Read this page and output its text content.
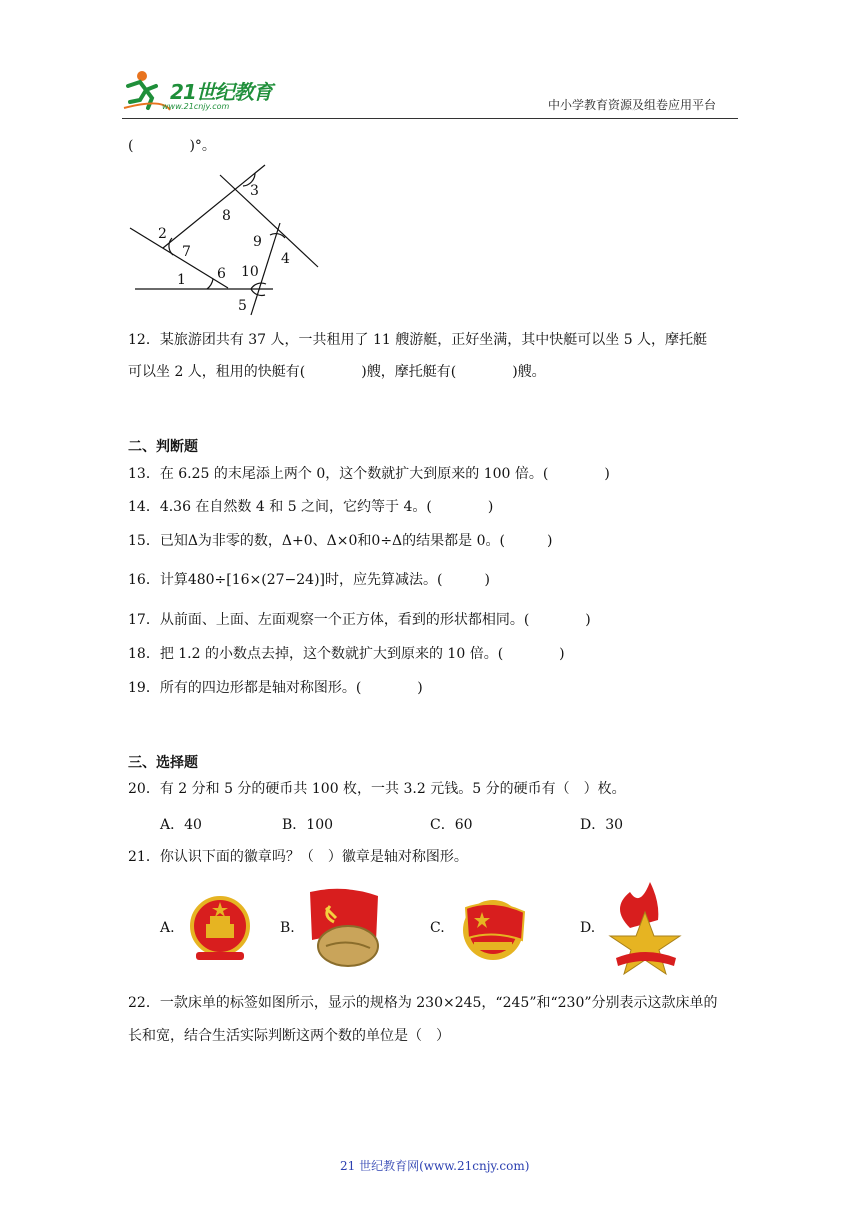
21世纪教育
www.21cnjy.com	中小学教育资源及组卷应用平台
(　　　　)°。
1
2
3
4
5
6
7
8
9
10
12．某旅游团共有 37 人，一共租用了 11 艘游艇，正好坐满，其中快艇可以坐 5 人，摩托艇
可以坐 2 人，租用的快艇有(　　　　)艘，摩托艇有(　　　　)艘。
二、判断题
13．在 6.25 的末尾添上两个 0，这个数就扩大到原来的 100 倍。(　　　　)
14．4.36 在自然数 4 和 5 之间，它约等于 4。(　　　　)
15．已知Δ为非零的数，Δ+0、Δ×0和0÷Δ的结果都是 0。(　　　)
16．计算480÷[16×(27−24)]时，应先算减法。(　　　)
17．从前面、上面、左面观察一个正方体，看到的形状都相同。(　　　　)
18．把 1.2 的小数点去掉，这个数就扩大到原来的 10 倍。(　　　　)
19．所有的四边形都是轴对称图形。(　　　　)
三、选择题
20．有 2 分和 5 分的硬币共 100 枚，一共 3.2 元钱。5 分的硬币有（　）枚。
A．40	B．100	C．60	D．30
21．你认识下面的徽章吗？（　）徽章是轴对称图形。
A.	B.	C.	D.
22．一款床单的标签如图所示，显示的规格为 230×245，“245”和“230”分别表示这款床单的
长和宽，结合生活实际判断这两个数的单位是（　）
21 世纪教育网(www.21cnjy.com)
